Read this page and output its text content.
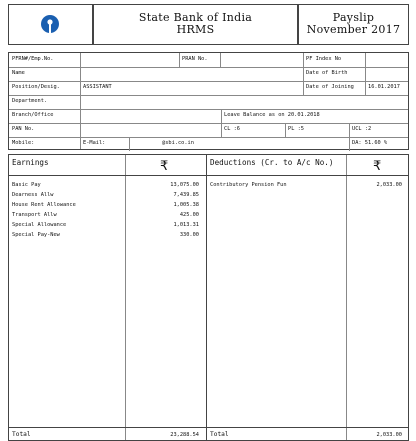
State Bank of India
HRMS
Payslip
November 2017
PFRN#/Emp.No.	PRAN No.	PF Index No
Name	Date of Birth
Position/Desig.	ASSISTANT	Date of Joining	16.01.2017
Department.
Branch/Office	Leave Balance as on 20.01.2018
PAN No.	CL :6	PL :5	UCL :2
Mobile:	E-Mail:	@sbi.co.in	DA: 51.60 %
Earnings	₹	Deductions (Cr. to A/c No.)	₹
Basic Pay	13,075.00
Dearness Allw	7,439.85
House Rent Allowance	1,005.38
Transport Allw	425.00
Special Allowance	1,013.31
Special Pay-New	330.00
Contributory Pension Fun	2,033.00
Total	23,288.54 Total	2,033.00
